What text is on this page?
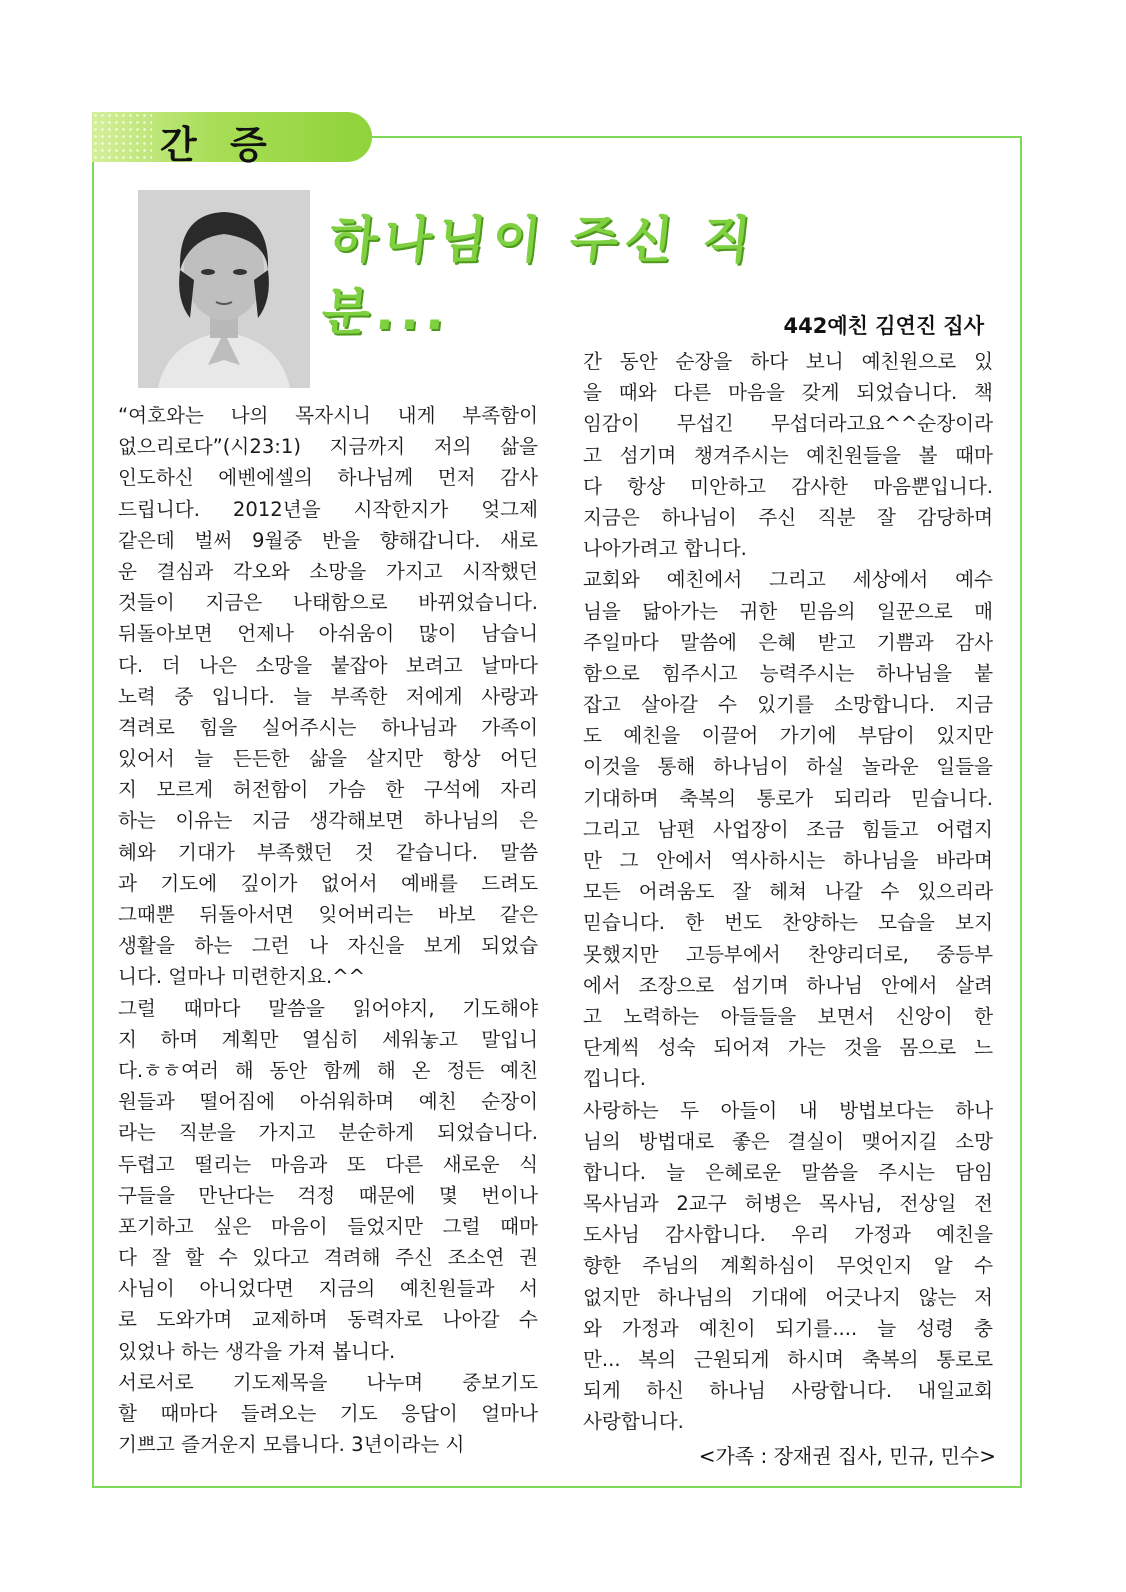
간 증
하나님이 주신 직분...	442예친 김연진 집사
“여호와는 나의 목자시니 내게 부족함이
없으리로다”(시23:1) 지금까지 저의 삶을
인도하신 에벤에셀의 하나님께 먼저 감사
드립니다. 2012년을 시작한지가 엊그제
같은데 벌써 9월중 반을 향해갑니다. 새로
운 결심과 각오와 소망을 가지고 시작했던
것들이 지금은 나태함으로 바뀌었습니다.
뒤돌아보면 언제나 아쉬움이 많이 남습니
다. 더 나은 소망을 붙잡아 보려고 날마다
노력 중 입니다. 늘 부족한 저에게 사랑과
격려로 힘을 실어주시는 하나님과 가족이
있어서 늘 든든한 삶을 살지만 항상 어딘
지 모르게 허전함이 가슴 한 구석에 자리
하는 이유는 지금 생각해보면 하나님의 은
혜와 기대가 부족했던 것 같습니다. 말씀
과 기도에 깊이가 없어서 예배를 드려도
그때뿐 뒤돌아서면 잊어버리는 바보 같은
생활을 하는 그런 나 자신을 보게 되었습
니다. 얼마나 미련한지요.^^
그럴 때마다 말씀을 읽어야지, 기도해야
지 하며 계획만 열심히 세워놓고 말입니
다.ㅎㅎ여러 해 동안 함께 해 온 정든 예친
원들과 떨어짐에 아쉬워하며 예친 순장이
라는 직분을 가지고 분순하게 되었습니다.
두렵고 떨리는 마음과 또 다른 새로운 식
구들을 만난다는 걱정 때문에 몇 번이나
포기하고 싶은 마음이 들었지만 그럴 때마
다 잘 할 수 있다고 격려해 주신 조소연 권
사님이 아니었다면 지금의 예친원들과 서
로 도와가며 교제하며 동력자로 나아갈 수
있었나 하는 생각을 가져 봅니다.
서로서로 기도제목을 나누며 중보기도
할 때마다 들려오는 기도 응답이 얼마나
기쁘고 즐거운지 모릅니다. 3년이라는 시
간 동안 순장을 하다 보니 예친원으로 있
을 때와 다른 마음을 갖게 되었습니다. 책
임감이 무섭긴 무섭더라고요^^순장이라
고 섬기며 챙겨주시는 예친원들을 볼 때마
다 항상 미안하고 감사한 마음뿐입니다.
지금은 하나님이 주신 직분 잘 감당하며
나아가려고 합니다.
교회와 예친에서 그리고 세상에서 예수
님을 닮아가는 귀한 믿음의 일꾼으로 매
주일마다 말씀에 은혜 받고 기쁨과 감사
함으로 힘주시고 능력주시는 하나님을 붙
잡고 살아갈 수 있기를 소망합니다. 지금
도 예친을 이끌어 가기에 부담이 있지만
이것을 통해 하나님이 하실 놀라운 일들을
기대하며 축복의 통로가 되리라 믿습니다.
그리고 남편 사업장이 조금 힘들고 어렵지
만 그 안에서 역사하시는 하나님을 바라며
모든 어려움도 잘 헤쳐 나갈 수 있으리라
믿습니다. 한 번도 찬양하는 모습을 보지
못했지만 고등부에서 찬양리더로, 중등부
에서 조장으로 섬기며 하나님 안에서 살려
고 노력하는 아들들을 보면서 신앙이 한
단계씩 성숙 되어져 가는 것을 몸으로 느
낍니다.
사랑하는 두 아들이 내 방법보다는 하나
님의 방법대로 좋은 결실이 맺어지길 소망
합니다. 늘 은혜로운 말씀을 주시는 담임
목사님과 2교구 허병은 목사님, 전상일 전
도사님 감사합니다. 우리 가정과 예친을
향한 주님의 계획하심이 무엇인지 알 수
없지만 하나님의 기대에 어긋나지 않는 저
와 가정과 예친이 되기를.... 늘 성령 충
만... 복의 근원되게 하시며 축복의 통로로
되게 하신 하나님 사랑합니다. 내일교회
사랑합니다.
<가족 : 장재권 집사, 민규, 민수>
